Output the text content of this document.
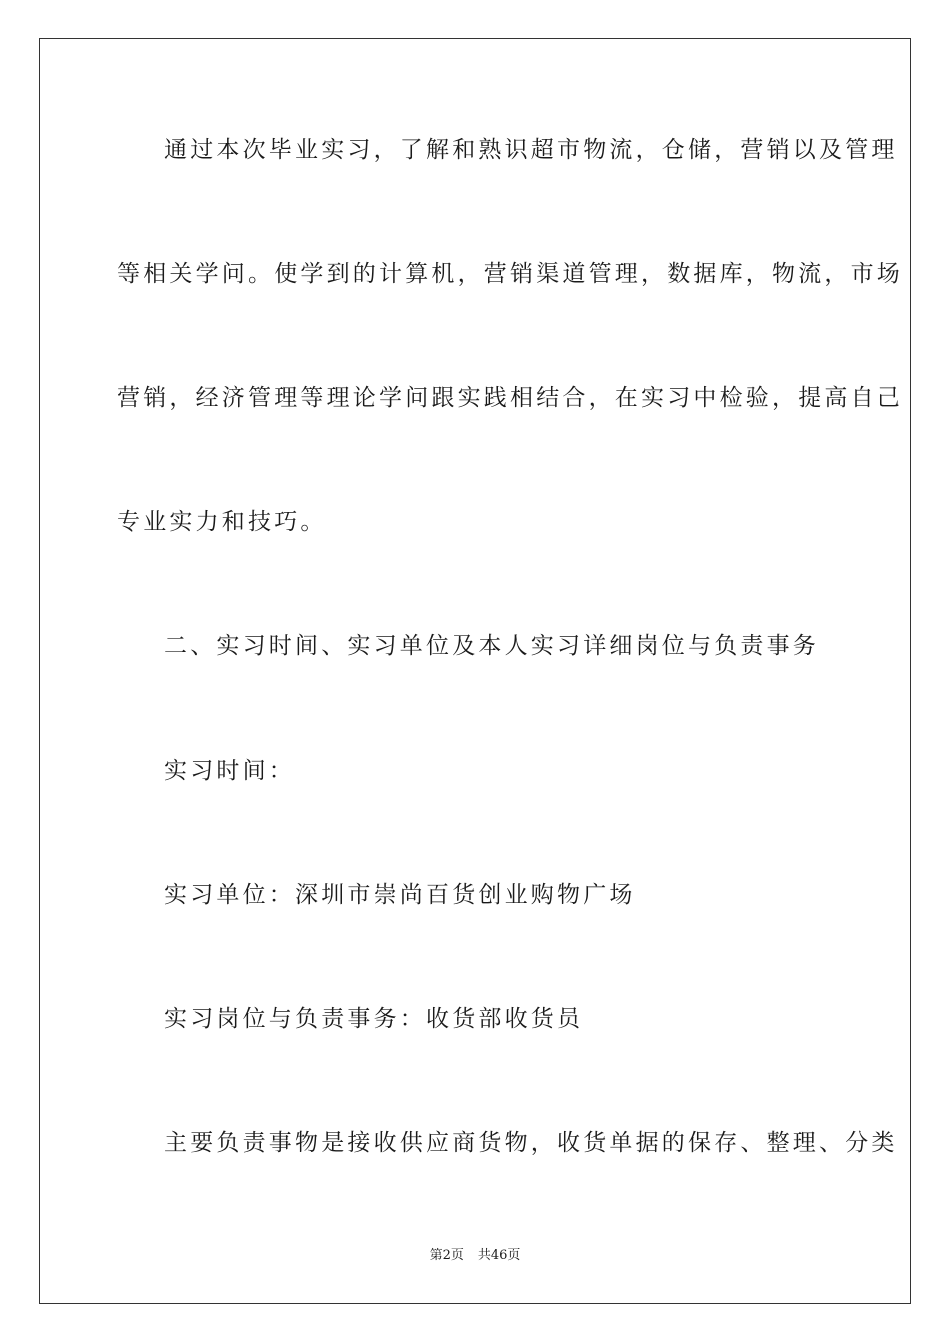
通过本次毕业实习，了解和熟识超市物流，仓储，营销以及管理
等相关学问。使学到的计算机，营销渠道管理，数据库，物流，市场
营销，经济管理等理论学问跟实践相结合，在实习中检验，提高自己
专业实力和技巧。
二、实习时间、实习单位及本人实习详细岗位与负责事务
实习时间：
实习单位：深圳市崇尚百货创业购物广场
实习岗位与负责事务：收货部收货员
主要负责事物是接收供应商货物，收货单据的保存、整理、分类
第2页 共46页
